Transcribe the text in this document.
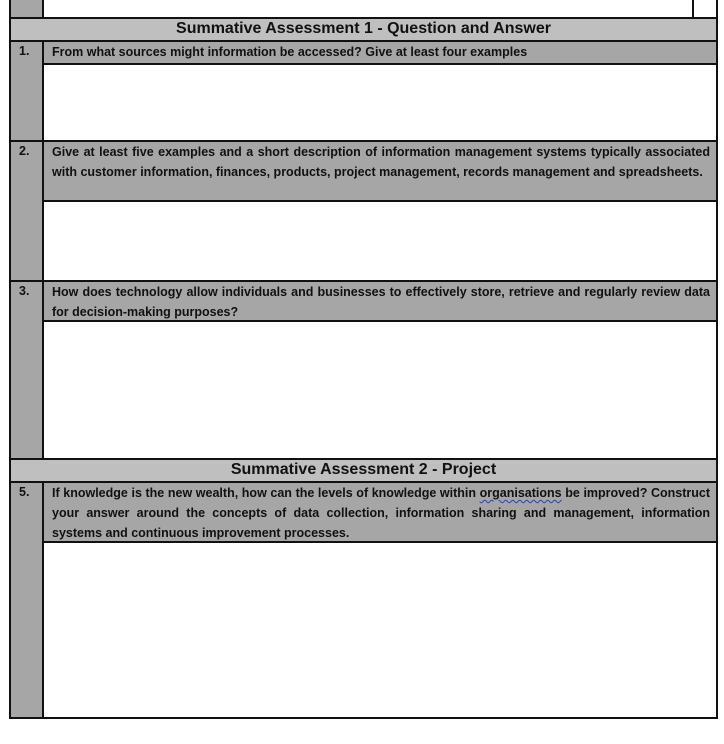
Summative Assessment 1 - Question and Answer
1.	From what sources might information be accessed? Give at least four examples
2.	Give at least five examples and a short description of information management systems typically associated with customer information, finances, products, project management, records management and spreadsheets.
3.	How does technology allow individuals and businesses to effectively store, retrieve and regularly review data for decision-making purposes?
Summative Assessment 2 - Project
5.	If knowledge is the new wealth, how can the levels of knowledge within organisations be improved? Construct your answer around the concepts of data collection, information sharing and management, information systems and continuous improvement processes.
